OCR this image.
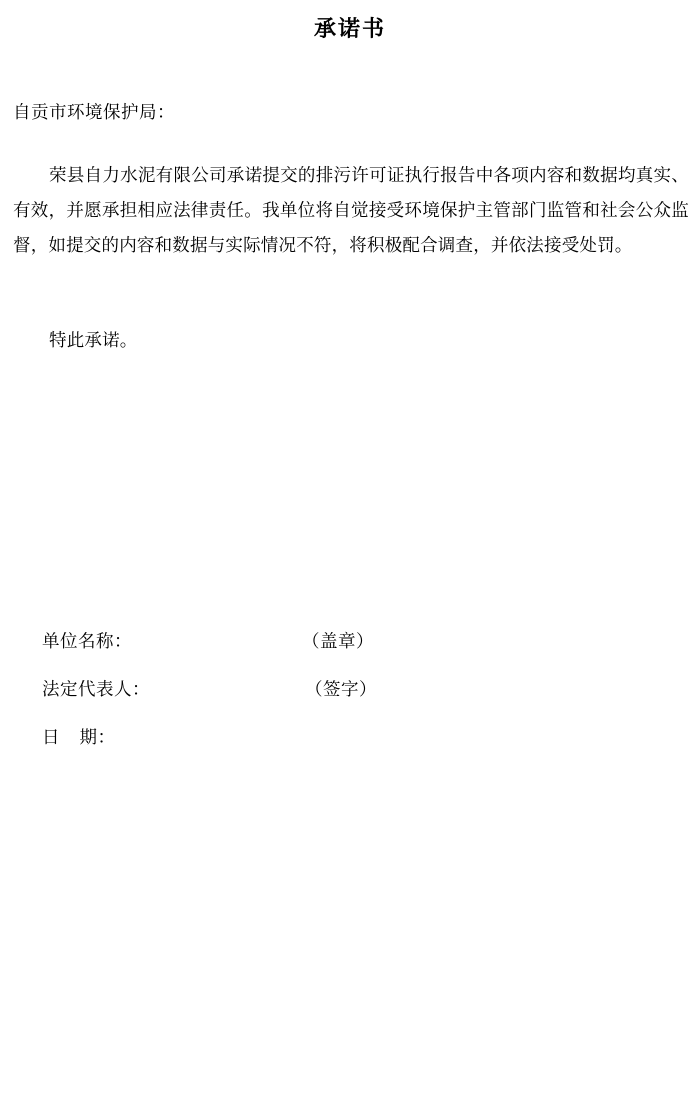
承诺书
自贡市环境保护局：

荣县自力水泥有限公司承诺提交的排污许可证执行报告中各项内容和数据均真实、有效，并愿承担相应法律责任。我单位将自觉接受环境保护主管部门监管和社会公众监督，如提交的内容和数据与实际情况不符，将积极配合调查，并依法接受处罚。

特此承诺。

单位名称：	（盖章）
法定代表人：	（签字）
日    期：
